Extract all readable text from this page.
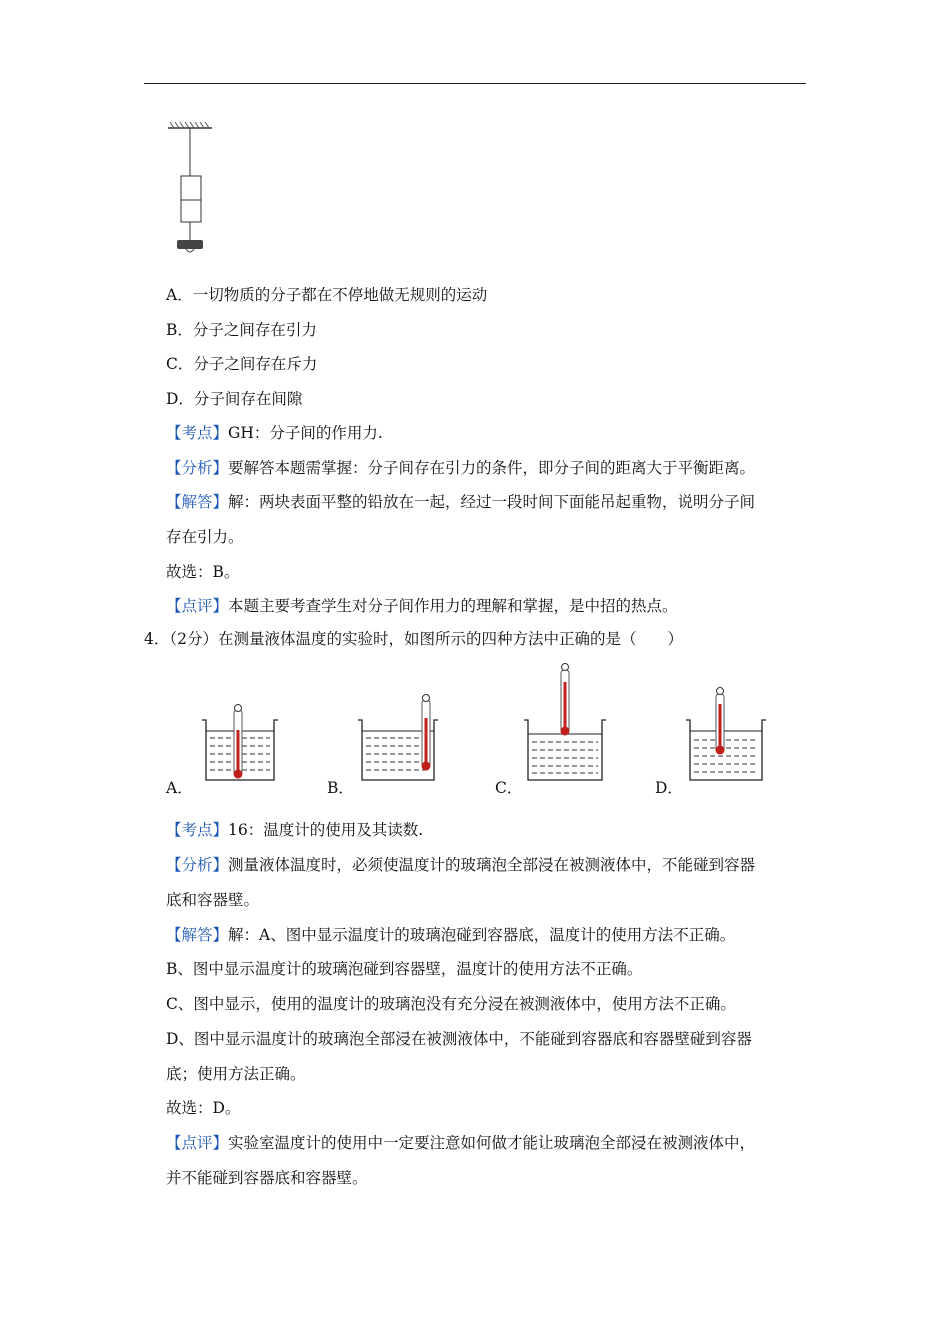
A．一切物质的分子都在不停地做无规则的运动
B．分子之间存在引力
C．分子之间存在斥力
D．分子间存在间隙
【考点】GH：分子间的作用力.
【分析】要解答本题需掌握：分子间存在引力的条件，即分子间的距离大于平衡距离。
【解答】解：两块表面平整的铅放在一起，经过一段时间下面能吊起重物，说明分子间
存在引力。
故选：B。
【点评】本题主要考查学生对分子间作用力的理解和掌握，是中招的热点。
4．（2分）在测量液体温度的实验时，如图所示的四种方法中正确的是（　　）
A．	B．	C．	D．
【考点】16：温度计的使用及其读数.
【分析】测量液体温度时，必须使温度计的玻璃泡全部浸在被测液体中，不能碰到容器
底和容器壁。
【解答】解：A、图中显示温度计的玻璃泡碰到容器底，温度计的使用方法不正确。
B、图中显示温度计的玻璃泡碰到容器壁，温度计的使用方法不正确。
C、图中显示，使用的温度计的玻璃泡没有充分浸在被测液体中，使用方法不正确。
D、图中显示温度计的玻璃泡全部浸在被测液体中，不能碰到容器底和容器壁碰到容器
底；使用方法正确。
故选：D。
【点评】实验室温度计的使用中一定要注意如何做才能让玻璃泡全部浸在被测液体中，
并不能碰到容器底和容器壁。
